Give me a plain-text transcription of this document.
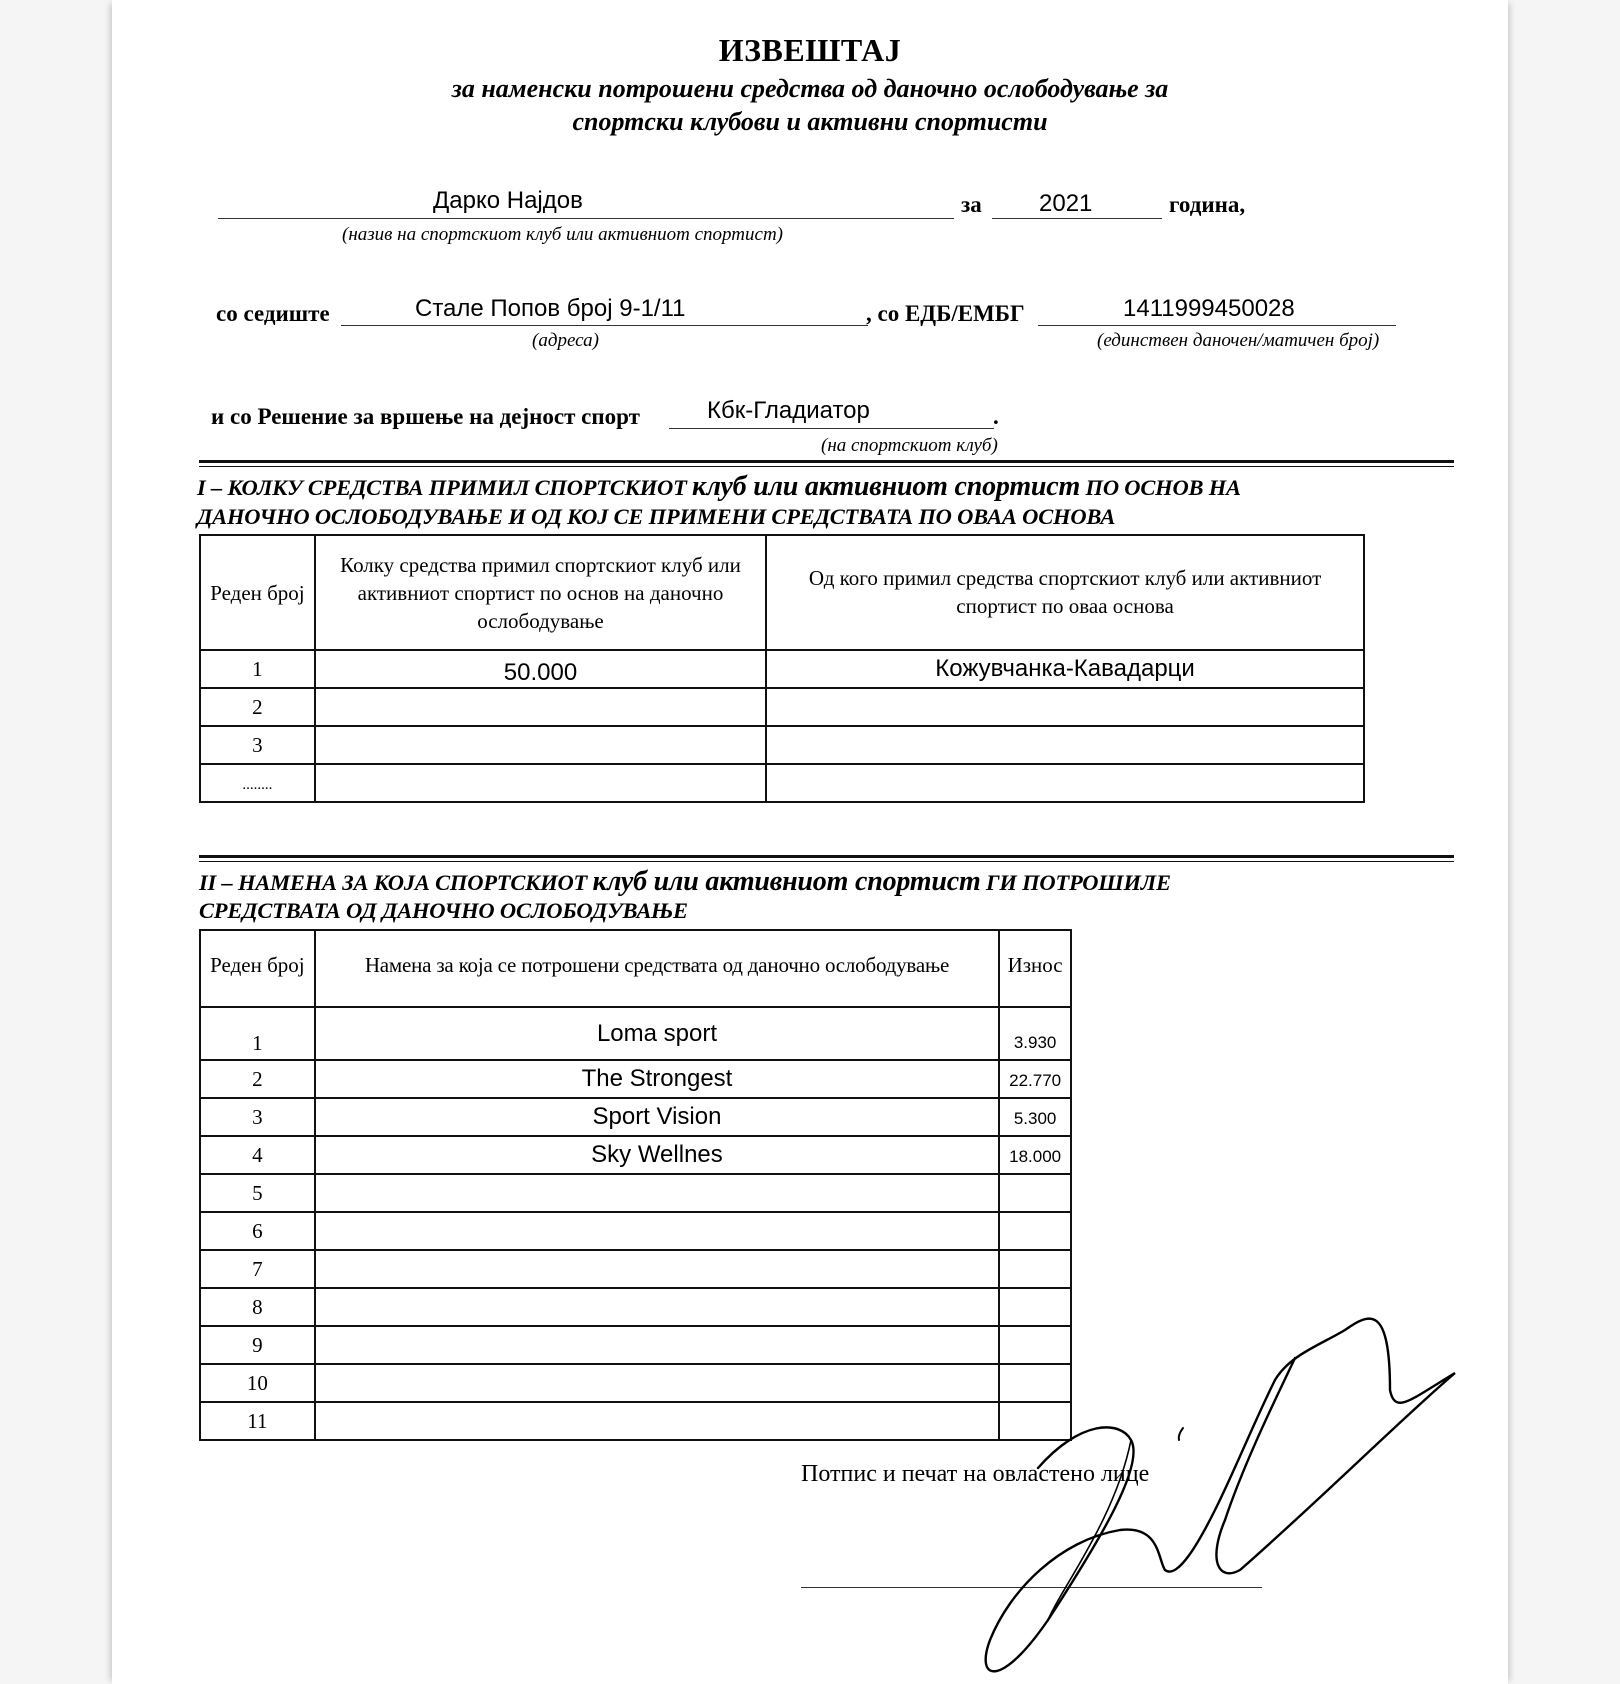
ИЗВЕШТАЈ
за наменски потрошени средства од даночно ослободување за
спортски клубови и активни спортисти
Дарко Најдов	за 2021	година,
(назив на спортскиот клуб или активниот спортист)
со седиште	Стале Попов број 9-1/11	, со ЕДБ/ЕМБГ	1411999450028
(адреса)	(единствен даночен/матичен број)
и со Решение за вршење на дејност спорт	Кбк-Гладиатор	.
(на спортскиот клуб)
I – КОЛКУ СРЕДСТВА ПРИМИЛ СПОРТСКИОТ клуб или активниот спортист ПО ОСНОВ НА
ДАНОЧНО ОСЛОБОДУВАЊЕ И ОД КОЈ СЕ ПРИМЕНИ СРЕДСТВАТА ПО ОВАА ОСНОВА
Реден број	Колку средства примил спортскиот клуб или активниот спортист по основ на даночно ослободување	Од кого примил средства спортскиот клуб или активниот спортист по оваа основа
1	50.000	Кожувчанка-Кавадарци
2		
3		
........		
II – НАМЕНА ЗА КОЈА СПОРТСКИОТ клуб или активниот спортист ГИ ПОТРОШИЛЕ
СРЕДСТВАТА ОД ДАНОЧНО ОСЛОБОДУВАЊЕ
Реден број	Намена за која се потрошени средствата од даночно ослободување	Износ
1	Loma sport	3.930
2	The Strongest	22.770
3	Sport Vision	5.300
4	Sky Wellnes	18.000
5		
6		
7		
8		
9		
10		
11		
Потпис и печат на овластено лице
